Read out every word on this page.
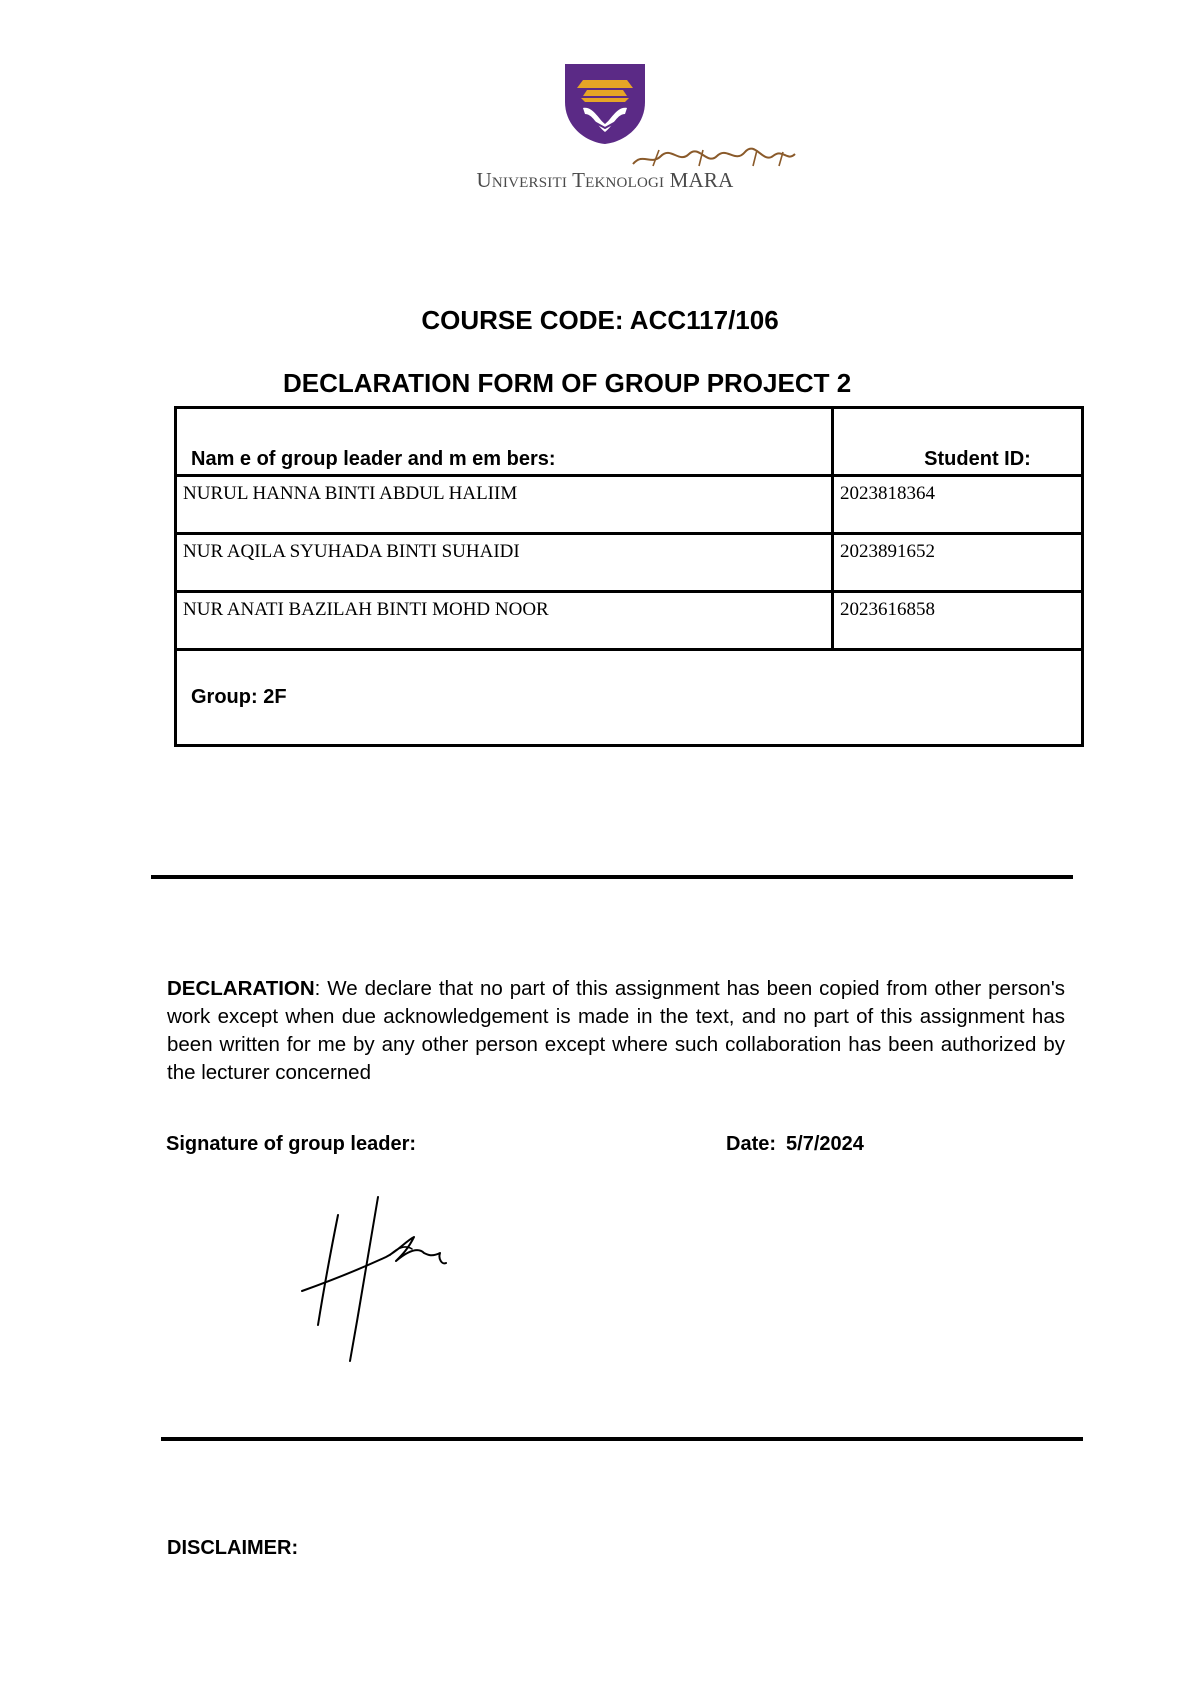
Universiti Teknologi MARA
COURSE CODE: ACC117/106
DECLARATION FORM OF GROUP PROJECT 2
Nam e of group leader and m em bers:	Student ID:
NURUL HANNA BINTI ABDUL HALIIM	2023818364
NUR AQILA SYUHADA BINTI SUHAIDI	2023891652
NUR ANATI BAZILAH BINTI MOHD NOOR	2023616858
Group: 2F	
DECLARATION: We declare that no part of this assignment has been copied from other person's work except when due acknowledgement is made in the text, and no part of this assignment has been written for me by any other person except where such collaboration has been authorized by the lecturer concerned
Signature of group leader:	Date: 5/7/2024
DISCLAIMER:
